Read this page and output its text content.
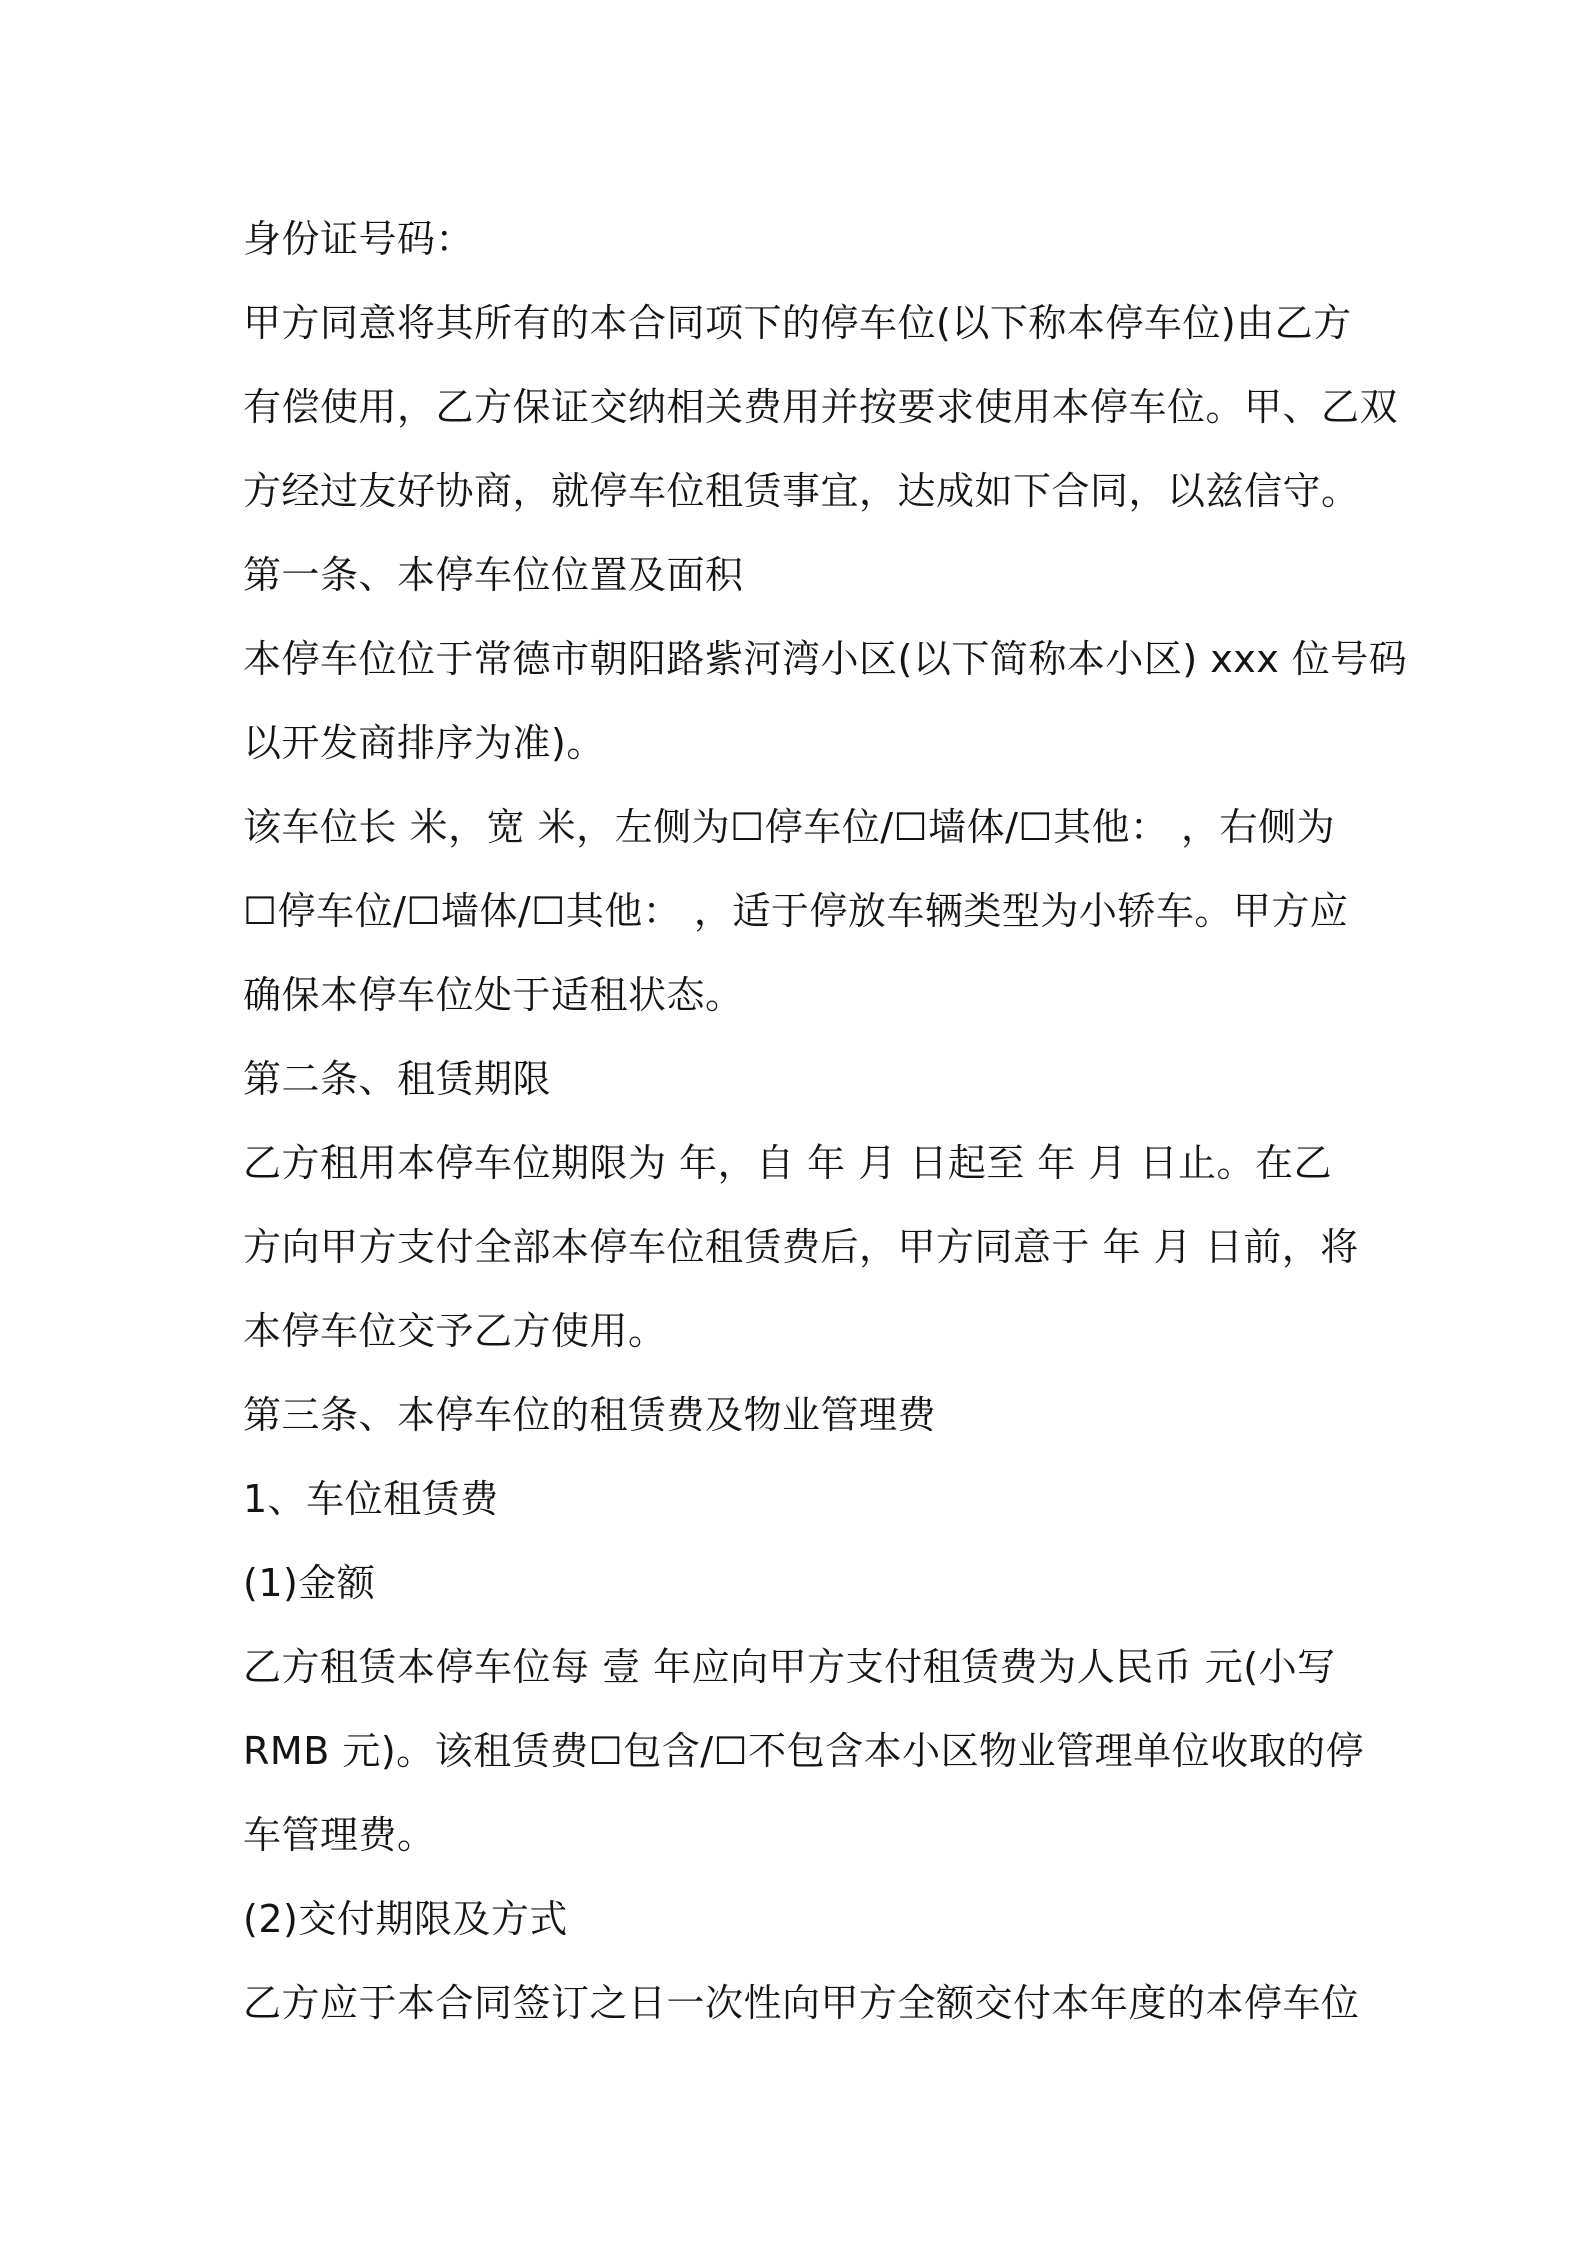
身份证号码：
甲方同意将其所有的本合同项下的停车位(以下称本停车位)由乙方
有偿使用，乙方保证交纳相关费用并按要求使用本停车位。甲、乙双
方经过友好协商，就停车位租赁事宜，达成如下合同，以兹信守。
第一条、本停车位位置及面积
本停车位位于常德市朝阳路紫河湾小区(以下简称本小区) xxx 位号码
以开发商排序为准)。
该车位长 米，宽 米，左侧为☐停车位/☐墙体/☐其他： ，右侧为
☐停车位/☐墙体/☐其他： ，适于停放车辆类型为小轿车。甲方应
确保本停车位处于适租状态。
第二条、租赁期限
乙方租用本停车位期限为 年，自 年 月 日起至 年 月 日止。在乙
方向甲方支付全部本停车位租赁费后，甲方同意于 年 月 日前，将
本停车位交予乙方使用。
第三条、本停车位的租赁费及物业管理费
1、车位租赁费
(1)金额
乙方租赁本停车位每 壹 年应向甲方支付租赁费为人民币 元(小写
RMB 元)。该租赁费☐包含/☐不包含本小区物业管理单位收取的停
车管理费。
(2)交付期限及方式
乙方应于本合同签订之日一次性向甲方全额交付本年度的本停车位
